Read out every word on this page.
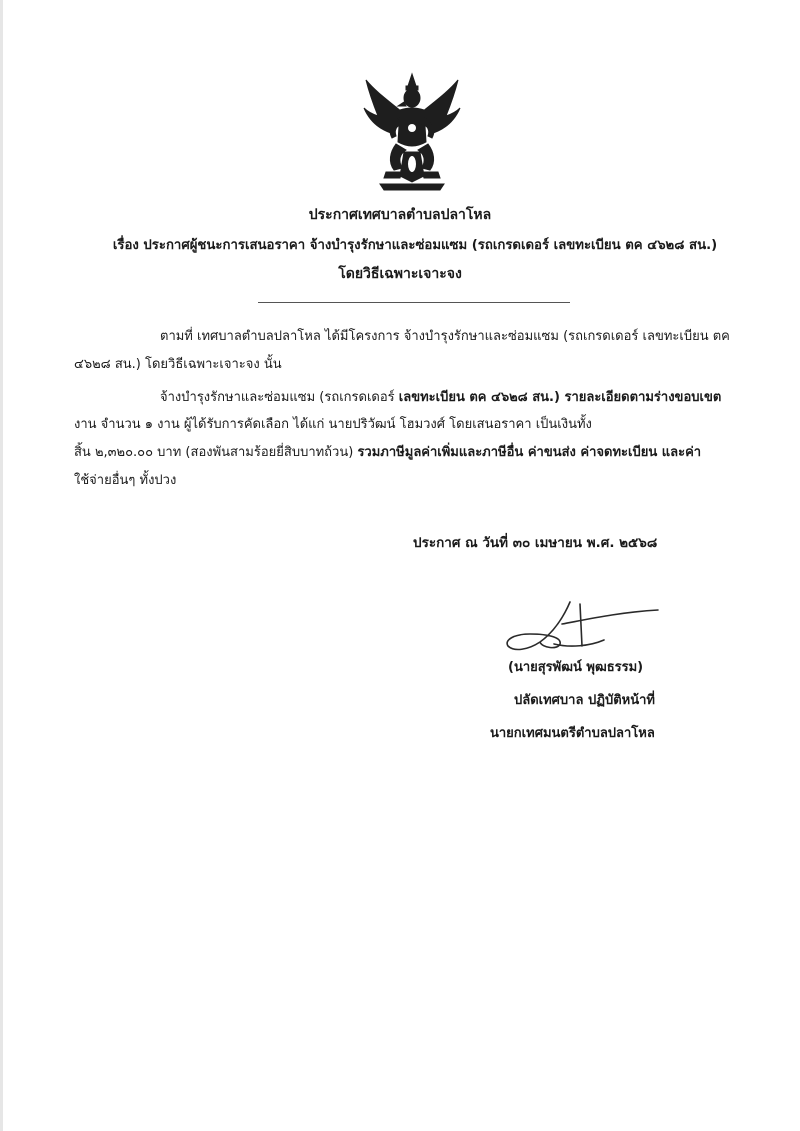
ประกาศเทศบาลตำบลปลาโหล
เรื่อง ประกาศผู้ชนะการเสนอราคา จ้างบำรุงรักษาและซ่อมแซม (รถเกรดเดอร์ เลขทะเบียน ตค ๔๖๒๘ สน.)
โดยวิธีเฉพาะเจาะจง
ตามที่ เทศบาลตำบลปลาโหล ได้มีโครงการ จ้างบำรุงรักษาและซ่อมแซม (รถเกรดเดอร์ เลขทะเบียน ตค
๔๖๒๘ สน.) โดยวิธีเฉพาะเจาะจง นั้น
จ้างบำรุงรักษาและซ่อมแซม (รถเกรดเดอร์ เลขทะเบียน ตค ๔๖๒๘ สน.) รายละเอียดตามร่างขอบเขต
งาน จำนวน ๑ งาน ผู้ได้รับการคัดเลือก ได้แก่ นายปริวัฒน์ โฮมวงศ์ โดยเสนอราคา เป็นเงินทั้ง
สิ้น ๒,๓๒๐.๐๐ บาท (สองพันสามร้อยยี่สิบบาทถ้วน) รวมภาษีมูลค่าเพิ่มและภาษีอื่น ค่าขนส่ง ค่าจดทะเบียน และค่า
ใช้จ่ายอื่นๆ ทั้งปวง
ประกาศ ณ วันที่ ๓๐ เมษายน พ.ศ. ๒๕๖๘
(นายสุรพัฒน์ พุฒธรรม)
ปลัดเทศบาล ปฏิบัติหน้าที่
นายกเทศมนตรีตำบลปลาโหล
